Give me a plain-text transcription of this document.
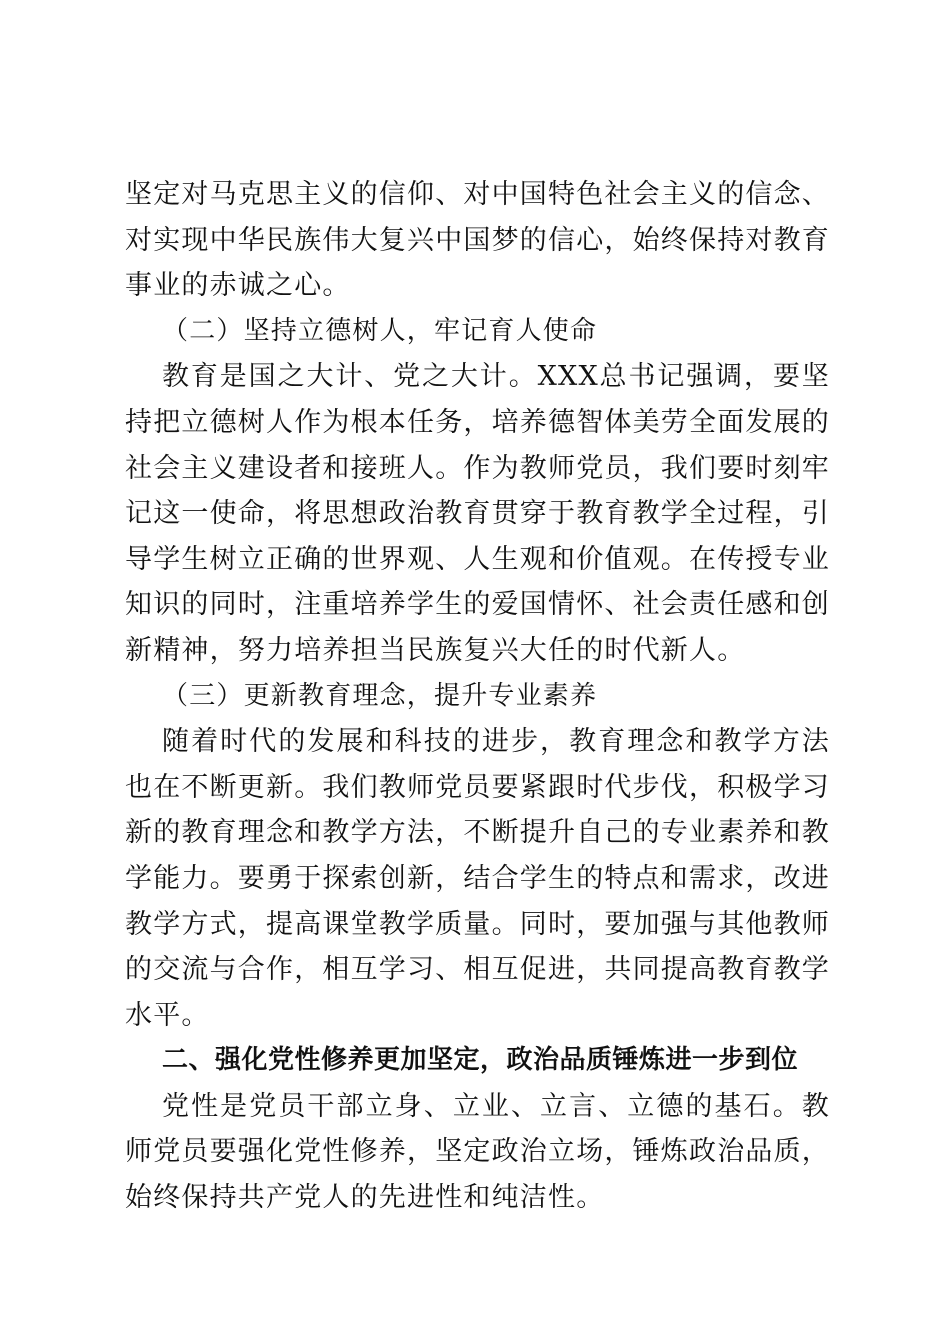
坚定对马克思主义的信仰、对中国特色社会主义的信念、对实现中华民族伟大复兴中国梦的信心，始终保持对教育事业的赤诚之心。

（二）坚持立德树人，牢记育人使命

教育是国之大计、党之大计。XXX总书记强调，要坚持把立德树人作为根本任务，培养德智体美劳全面发展的社会主义建设者和接班人。作为教师党员，我们要时刻牢记这一使命，将思想政治教育贯穿于教育教学全过程，引导学生树立正确的世界观、人生观和价值观。在传授专业知识的同时，注重培养学生的爱国情怀、社会责任感和创新精神，努力培养担当民族复兴大任的时代新人。

（三）更新教育理念，提升专业素养

随着时代的发展和科技的进步，教育理念和教学方法也在不断更新。我们教师党员要紧跟时代步伐，积极学习新的教育理念和教学方法，不断提升自己的专业素养和教学能力。要勇于探索创新，结合学生的特点和需求，改进教学方式，提高课堂教学质量。同时，要加强与其他教师的交流与合作，相互学习、相互促进，共同提高教育教学水平。

二、强化党性修养更加坚定，政治品质锤炼进一步到位

党性是党员干部立身、立业、立言、立德的基石。教师党员要强化党性修养，坚定政治立场，锤炼政治品质，始终保持共产党人的先进性和纯洁性。
